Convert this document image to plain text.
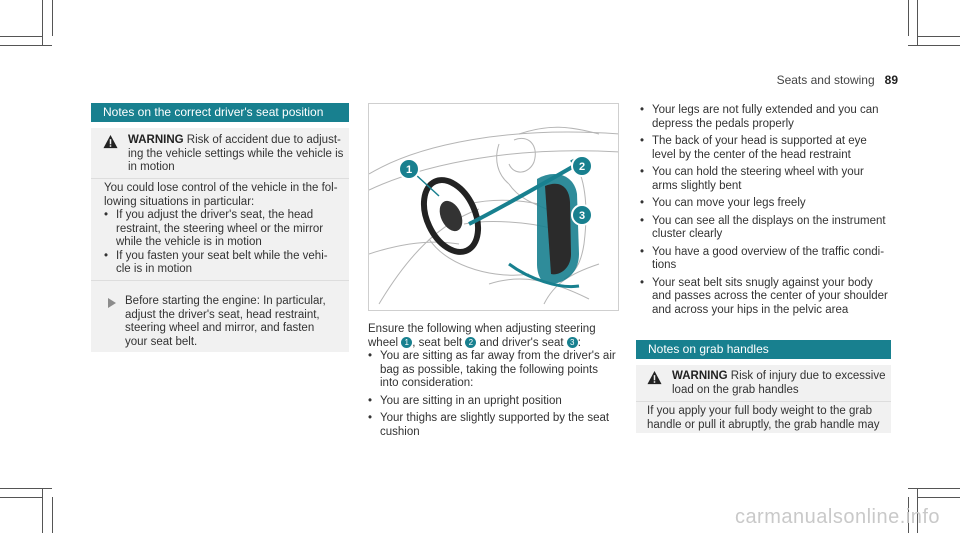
Seats and stowing 89
Notes on the correct driver's seat position
WARNING Risk of accident due to adjust-
ing the vehicle settings while the vehicle is
in motion
You could lose control of the vehicle in the fol-
lowing situations in particular:
• If you adjust the driver's seat, the head
restraint, the steering wheel or the mirror
while the vehicle is in motion
• If you fasten your seat belt while the vehi-
cle is in motion
Before starting the engine: In particular,
adjust the driver's seat, head restraint,
steering wheel and mirror, and fasten
your seat belt.
1	2
3
Ensure the following when adjusting steering
wheel 1 , seat belt 2 and driver's seat 3 :
• You are sitting as far away from the driver's air
bag as possible, taking the following points
into consideration:
• You are sitting in an upright position
• Your thighs are slightly supported by the seat
cushion
• Your legs are not fully extended and you can
depress the pedals properly
• The back of your head is supported at eye
level by the center of the head restraint
• You can hold the steering wheel with your
arms slightly bent
• You can move your legs freely
• You can see all the displays on the instrument
cluster clearly
• You have a good overview of the traffic condi-
tions
• Your seat belt sits snugly against your body
and passes across the center of your shoulder
and across your hips in the pelvic area
Notes on grab handles
WARNING Risk of injury due to excessive
load on the grab handles
If you apply your full body weight to the grab
handle or pull it abruptly, the grab handle may
carmanualsonline.info
